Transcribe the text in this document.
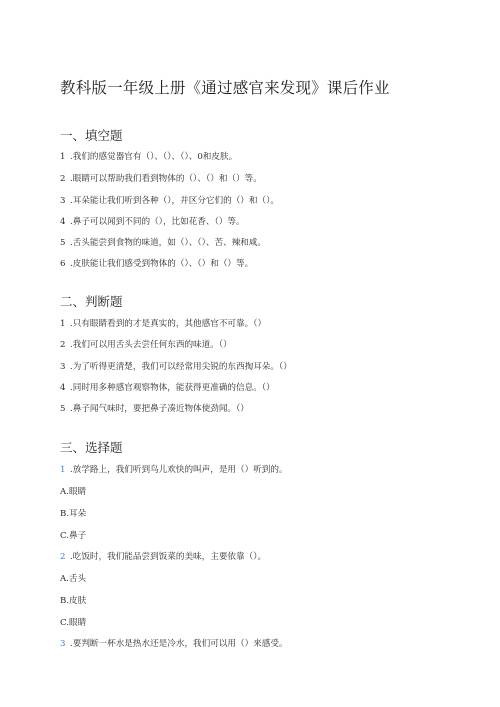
教科版一年级上册《通过感官来发现》课后作业
一、填空题
1 .我们的感觉器官有（）、（）、（）、0和皮肤。
2 .眼睛可以帮助我们看到物体的（）、（）和（）等。
3 .耳朵能让我们听到各种（），并区分它们的（）和（）。
4 .鼻子可以闻到不同的（），比如花香、（）等。
5 .舌头能尝到食物的味道，如（）、（）、苦、辣和咸。
6 .皮肤能让我们感受到物体的（）、（）和（）等。
二、判断题
1 .只有眼睛看到的才是真实的，其他感官不可靠。（）
2 .我们可以用舌头去尝任何东西的味道。（）
3 .为了听得更清楚，我们可以经常用尖锐的东西掏耳朵。（）
4 .同时用多种感官观察物体，能获得更准确的信息。（）
5 .鼻子闻气味时，要把鼻子凑近物体使劲闻。（）
三、选择题
1 .放学路上，我们听到鸟儿欢快的叫声，是用（）听到的。
A.眼睛
B.耳朵
C.鼻子
2 .吃饭时，我们能品尝到饭菜的美味，主要依靠（）。
A.舌头
B.皮肤
C.眼睛
3 .要判断一杯水是热水还是冷水，我们可以用（）来感受。
